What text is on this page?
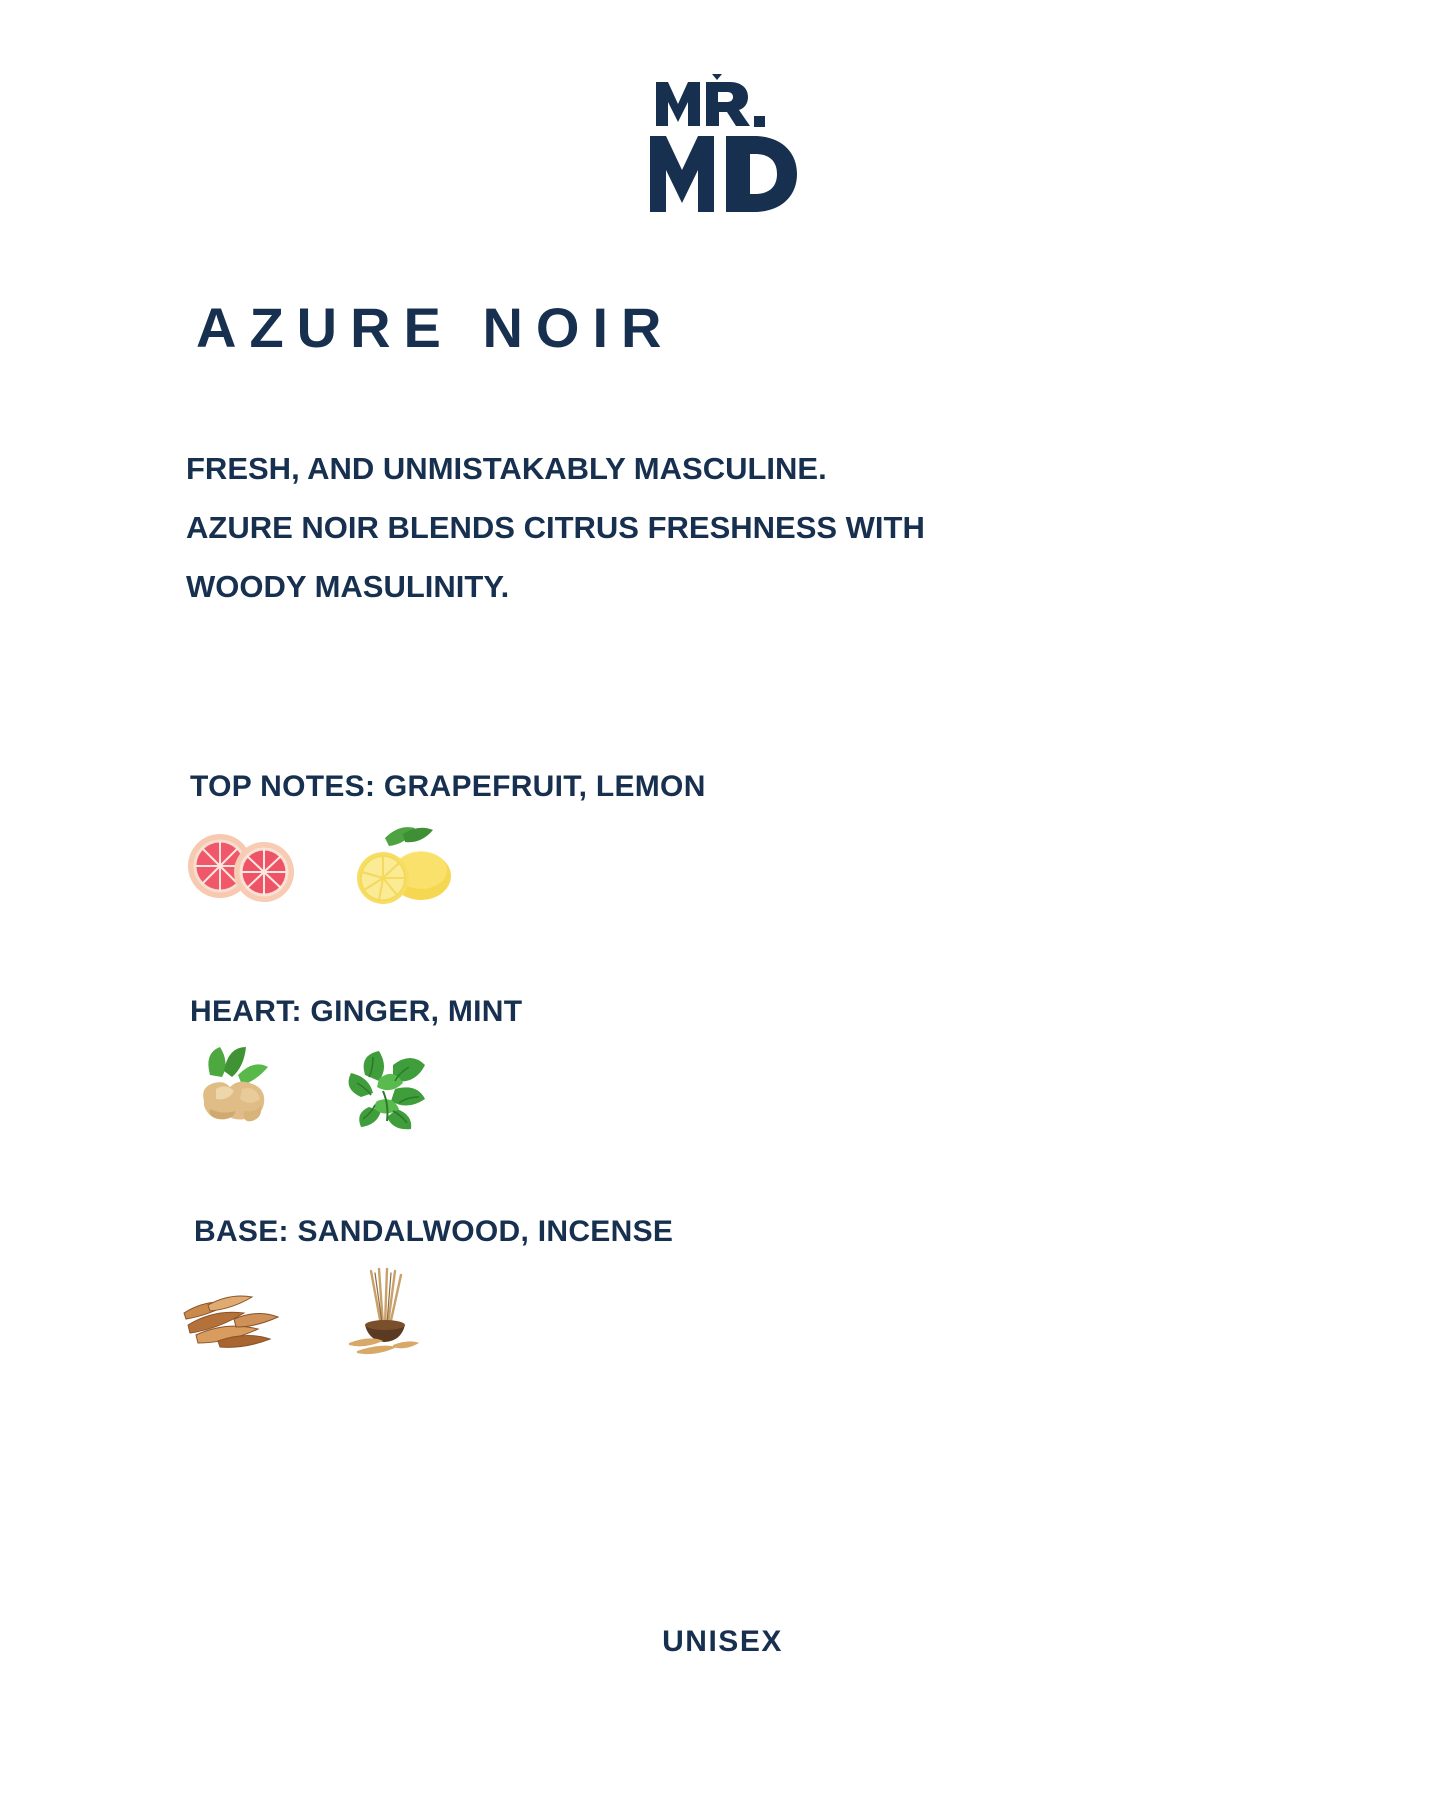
AZURE NOIR
FRESH, AND UNMISTAKABLY MASCULINE.
AZURE NOIR BLENDS CITRUS FRESHNESS WITH
WOODY MASULINITY.
TOP NOTES: GRAPEFRUIT, LEMON
HEART: GINGER, MINT
BASE: SANDALWOOD, INCENSE
UNISEX
